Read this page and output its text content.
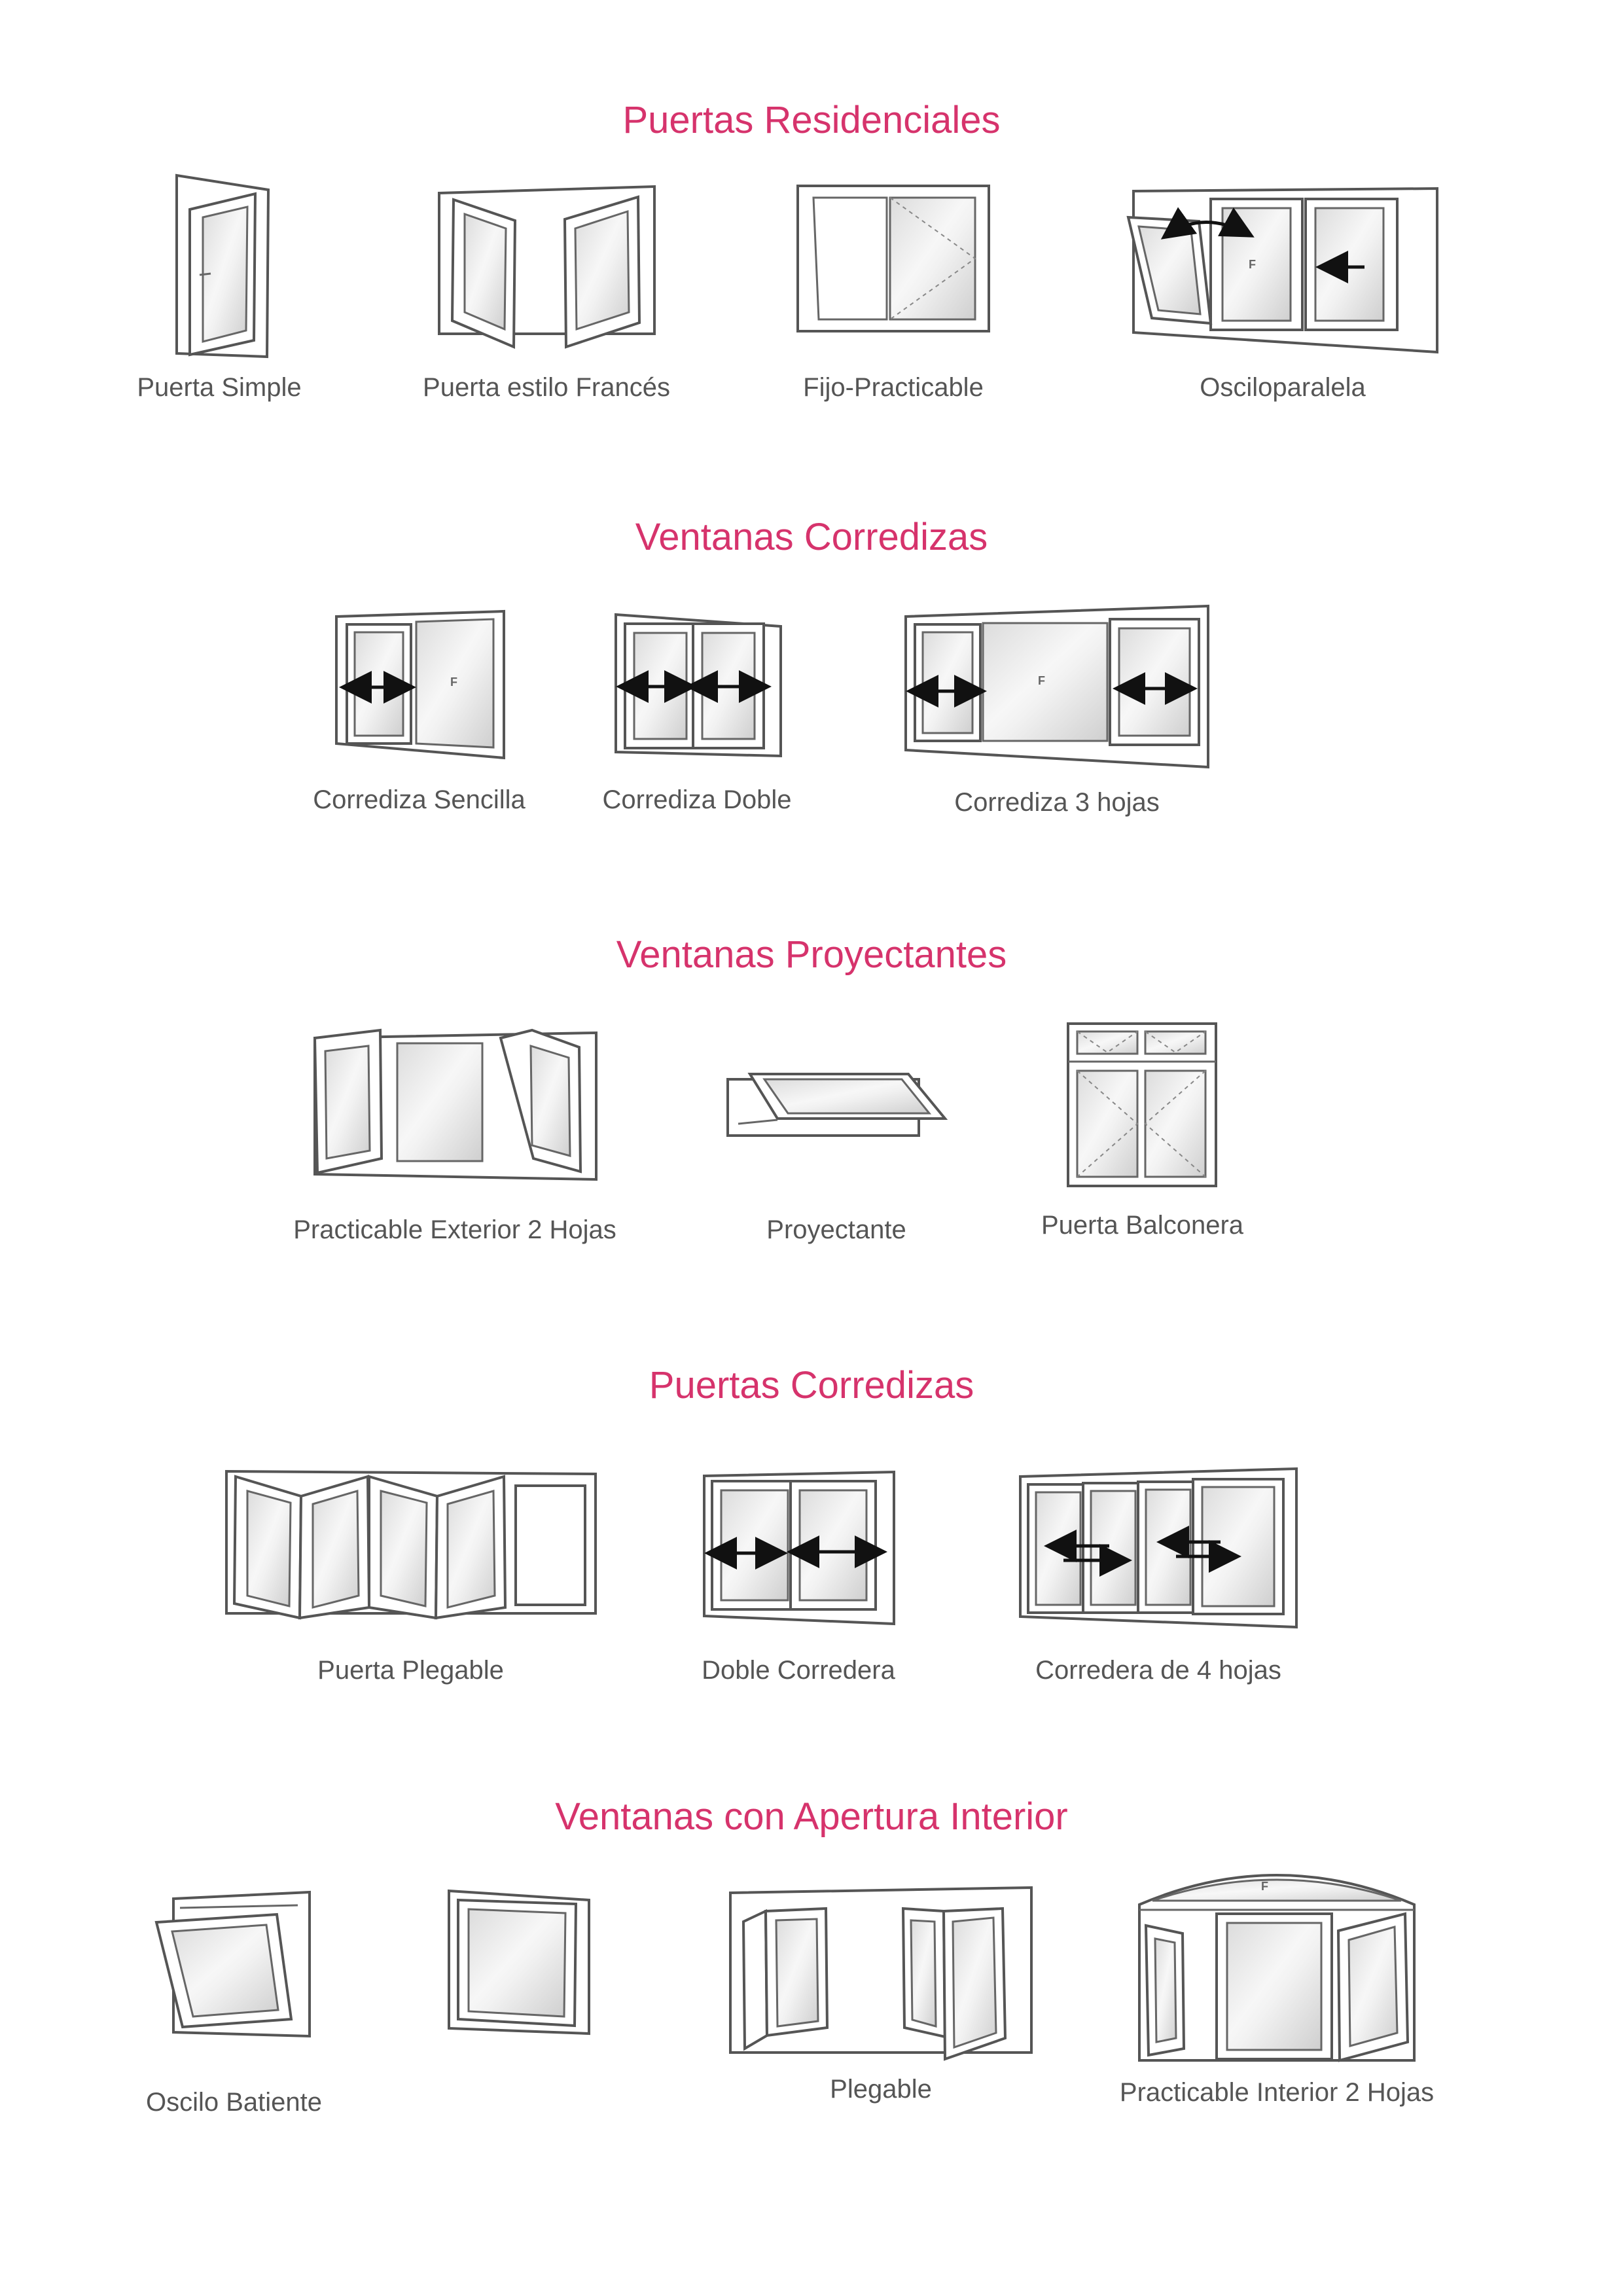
Puertas Residenciales
Puerta Simple	Puerta estilo Francés	Fijo-Practicable
F
Osciloparalela
Ventanas Corredizas
F
Corrediza Sencilla	Corrediza Doble
F
Corrediza 3 hojas
Ventanas Proyectantes
Practicable Exterior 2 Hojas	Proyectante	Puerta Balconera
Puertas Corredizas
Puerta Plegable	Doble Corredera	Corredera de 4 hojas
Ventanas con Apertura Interior
Oscilo Batiente	Plegable
F
Practicable Interior 2 Hojas
